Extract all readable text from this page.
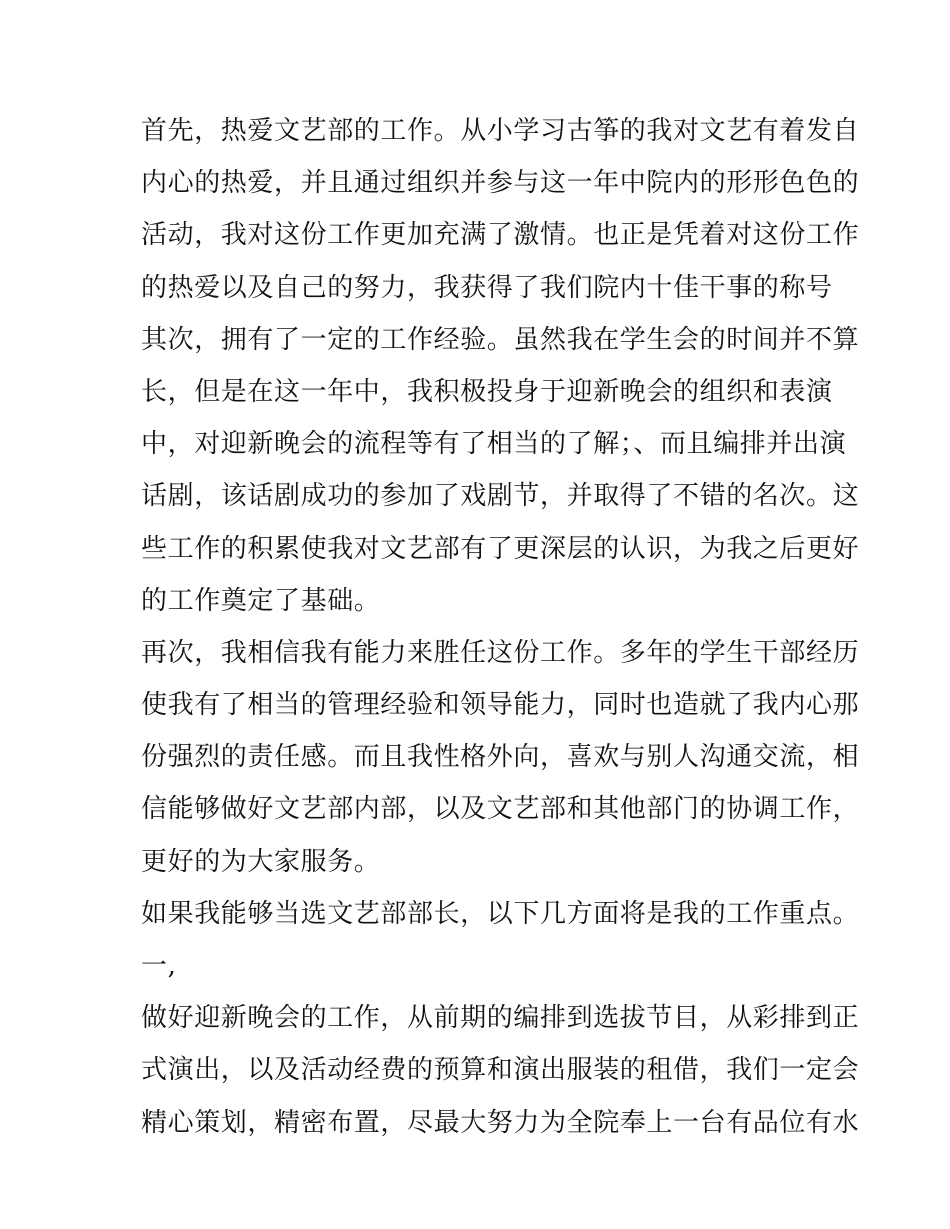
首先，热爱文艺部的工作。从小学习古筝的我对文艺有着发自
内心的热爱，并且通过组织并参与这一年中院内的形形色色的
活动，我对这份工作更加充满了激情。也正是凭着对这份工作
的热爱以及自己的努力，我获得了我们院内十佳干事的称号
其次，拥有了一定的工作经验。虽然我在学生会的时间并不算
长，但是在这一年中，我积极投身于迎新晚会的组织和表演
中，对迎新晚会的流程等有了相当的了解；、而且编排并出演
话剧，该话剧成功的参加了戏剧节，并取得了不错的名次。这
些工作的积累使我对文艺部有了更深层的认识，为我之后更好
的工作奠定了基础。
再次，我相信我有能力来胜任这份工作。多年的学生干部经历
使我有了相当的管理经验和领导能力，同时也造就了我内心那
份强烈的责任感。而且我性格外向，喜欢与别人沟通交流，相
信能够做好文艺部内部，以及文艺部和其他部门的协调工作，
更好的为大家服务。
如果我能够当选文艺部部长，以下几方面将是我的工作重点。
一,
做好迎新晚会的工作，从前期的编排到选拔节目，从彩排到正
式演出，以及活动经费的预算和演出服装的租借，我们一定会
精心策划，精密布置，尽最大努力为全院奉上一台有品位有水
